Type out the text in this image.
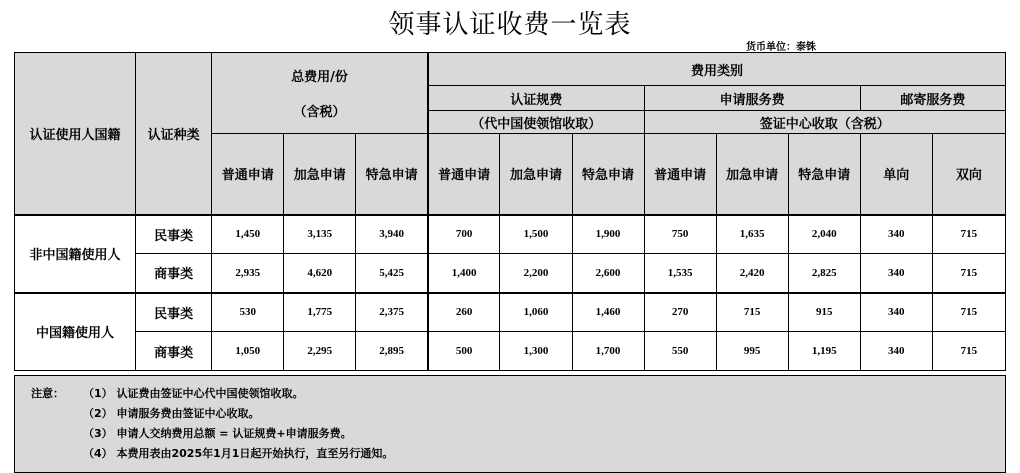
领事认证收费一览表
货币单位：泰铢
认证使用人国籍	认证种类	总费用/份
（含税）			费用类别							
					认证规费			申请服务费			邮寄服务费	
					（代中国使领馆收取）			签证中心收取（含税）				
		普通申请	加急申请	特急申请	普通申请	加急申请	特急申请	普通申请	加急申请	特急申请	单向	双向
非中国籍使用人	民事类	1,450	3,135	3,940	700	1,500	1,900	750	1,635	2,040	340	715
	商事类	2,935	4,620	5,425	1,400	2,200	2,600	1,535	2,420	2,825	340	715
中国籍使用人	民事类	530	1,775	2,375	260	1,060	1,460	270	715	915	340	715
	商事类	1,050	2,295	2,895	500	1,300	1,700	550	995	1,195	340	715
注意： （1） 认证费由签证中心代中国使领馆收取。
（2） 申请服务费由签证中心收取。
（3） 申请人交纳费用总额 = 认证规费+申请服务费。
（4） 本费用表由2025年1月1日起开始执行，直至另行通知。
